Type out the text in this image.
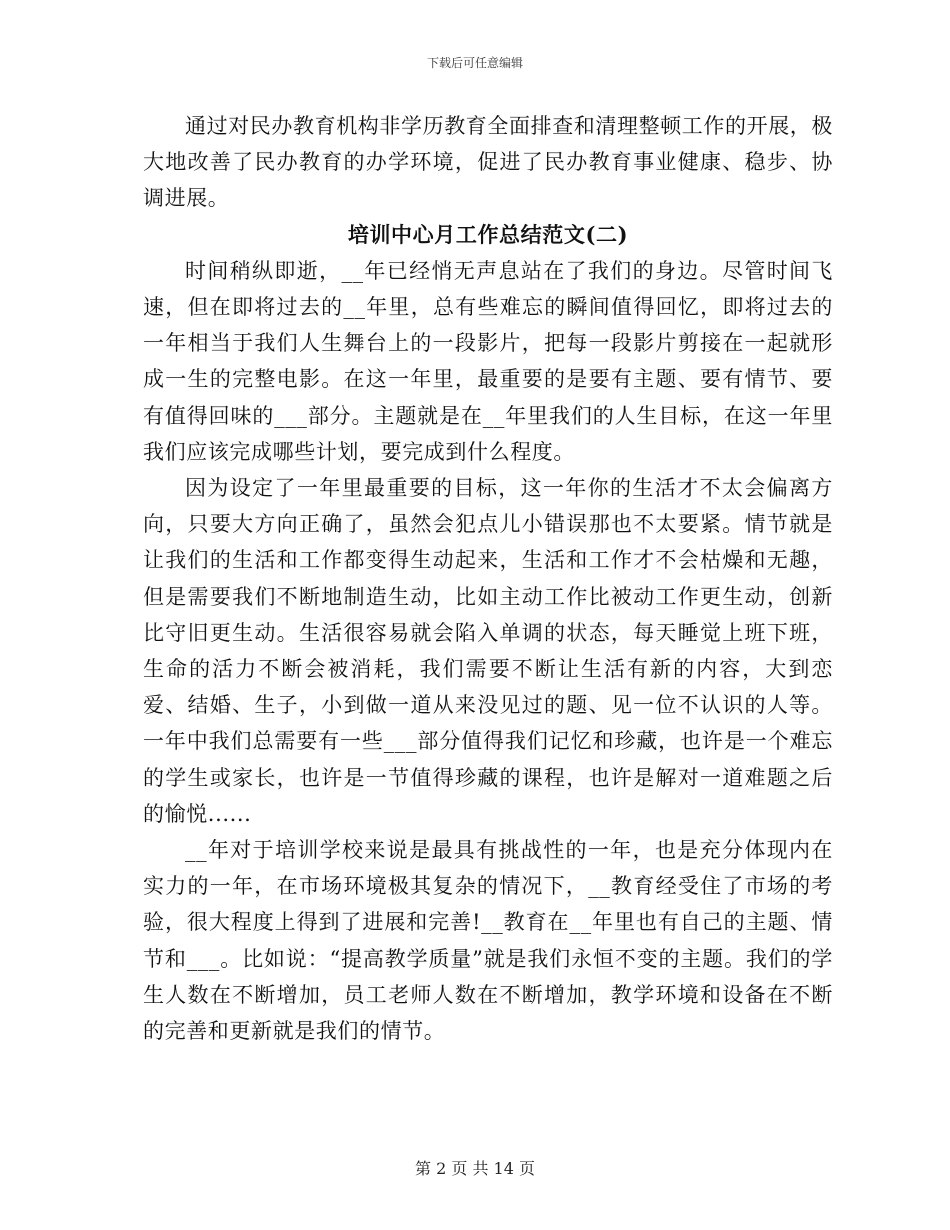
下载后可任意编辑

通过对民办教育机构非学历教育全面排查和清理整顿工作的开展，极大地改善了民办教育的办学环境，促进了民办教育事业健康、稳步、协调进展。

培训中心月工作总结范文(二)

时间稍纵即逝，__年已经悄无声息站在了我们的身边。尽管时间飞速，但在即将过去的__年里，总有些难忘的瞬间值得回忆，即将过去的一年相当于我们人生舞台上的一段影片，把每一段影片剪接在一起就形成一生的完整电影。在这一年里，最重要的是要有主题、要有情节、要有值得回味的___部分。主题就是在__年里我们的人生目标，在这一年里我们应该完成哪些计划，要完成到什么程度。

因为设定了一年里最重要的目标，这一年你的生活才不太会偏离方向，只要大方向正确了，虽然会犯点儿小错误那也不太要紧。情节就是让我们的生活和工作都变得生动起来，生活和工作才不会枯燥和无趣，但是需要我们不断地制造生动，比如主动工作比被动工作更生动，创新比守旧更生动。生活很容易就会陷入单调的状态，每天睡觉上班下班，生命的活力不断会被消耗，我们需要不断让生活有新的内容，大到恋爱、结婚、生子，小到做一道从来没见过的题、见一位不认识的人等。一年中我们总需要有一些___部分值得我们记忆和珍藏，也许是一个难忘的学生或家长，也许是一节值得珍藏的课程，也许是解对一道难题之后的愉悦......

__年对于培训学校来说是最具有挑战性的一年，也是充分体现内在实力的一年，在市场环境极其复杂的情况下，__教育经受住了市场的考验，很大程度上得到了进展和完善!__教育在__年里也有自己的主题、情节和___。比如说：“提高教学质量”就是我们永恒不变的主题。我们的学生人数在不断增加，员工老师人数在不断增加，教学环境和设备在不断的完善和更新就是我们的情节。

第 2 页 共 14 页
